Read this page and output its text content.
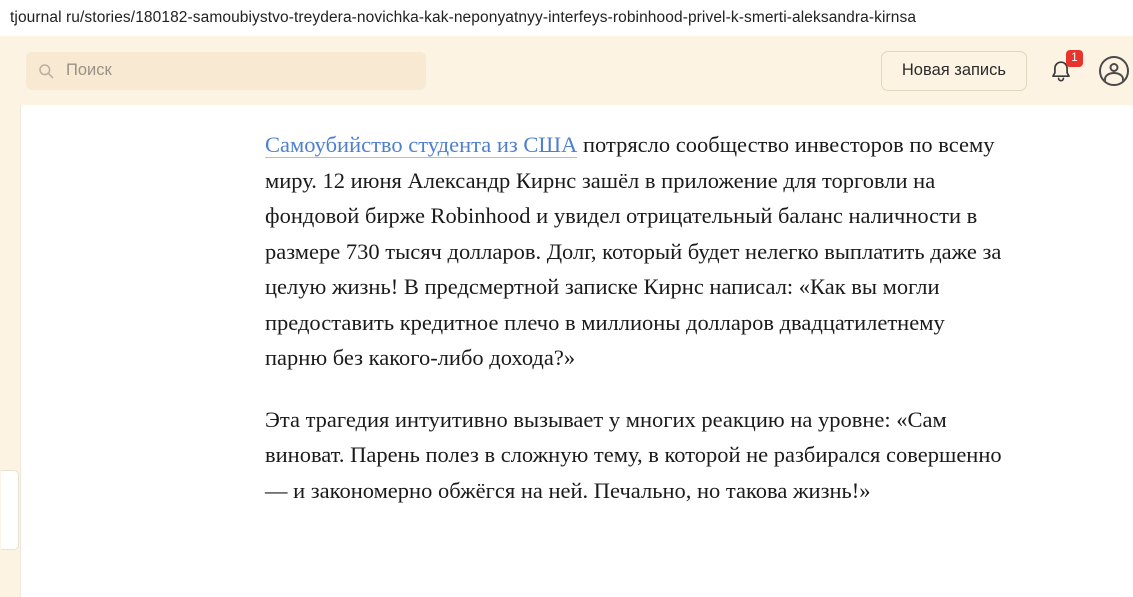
tjournal ru/stories/180182-samoubiystvo-treydera-novichka-kak-neponyatnyy-interfeys-robinhood-privel-k-smerti-aleksandra-kirnsa
Поиск
Новая запись
1

Самоубийство студента из США потрясло сообщество инвесторов по всему миру. 12 июня Александр Кирнс зашёл в приложение для торговли на фондовой бирже Robinhood и увидел отрицательный баланс наличности в размере 730 тысяч долларов. Долг, который будет нелегко выплатить даже за целую жизнь! В предсмертной записке Кирнс написал: «Как вы могли предоставить кредитное плечо в миллионы долларов двадцатилетнему парню без какого-либо дохода?»

Эта трагедия интуитивно вызывает у многих реакцию на уровне: «Сам виноват. Парень полез в сложную тему, в которой не разбирался совершенно — и закономерно обжёгся на ней. Печально, но такова жизнь!»
